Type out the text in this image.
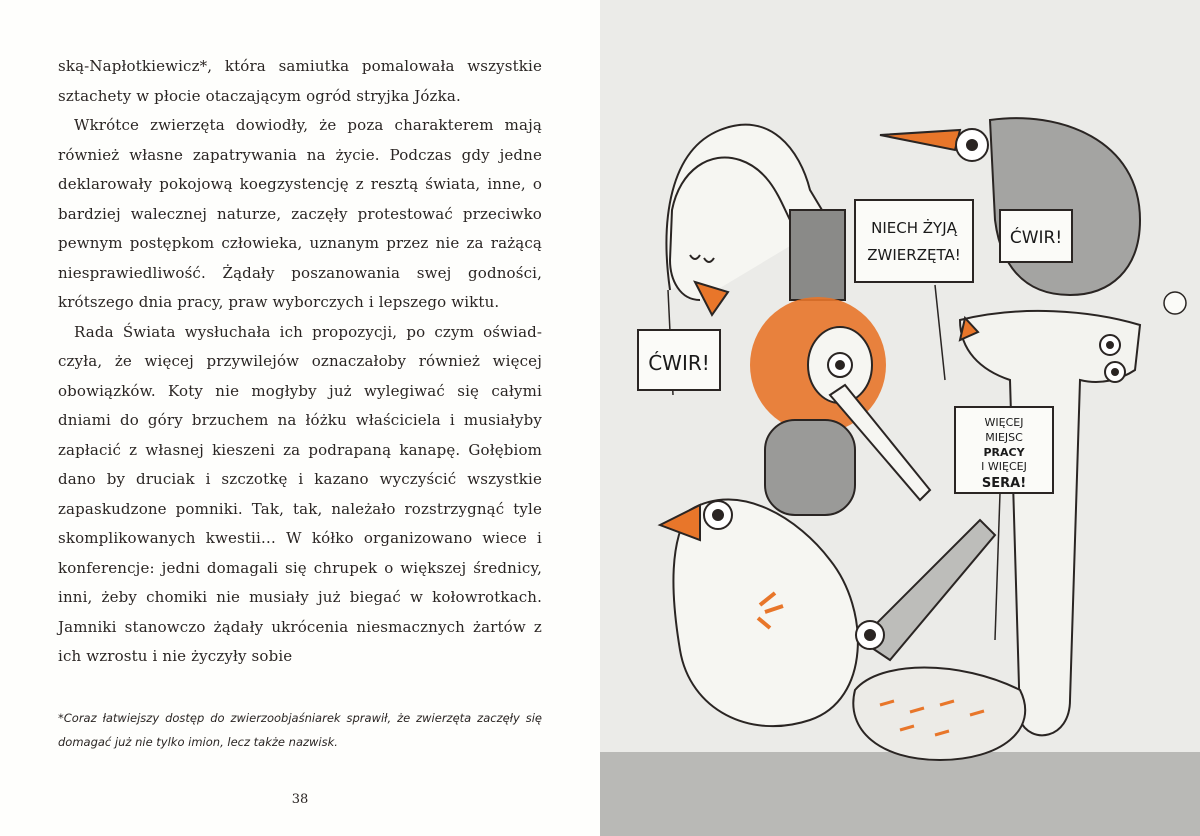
ską-Napłotkiewicz*, która samiutka pomalowała wszystkie sztachety w płocie otaczającym ogród stryjka Józka.

Wkrótce zwierzęta dowiodły, że poza charakterem mają również własne zapatrywania na życie. Podczas gdy jedne deklarowały pokojową koegzystencję z resztą świata, inne, o bardziej walecznej naturze, zaczęły protestować przeciwko pewnym postępkom człowieka, uznanym przez nie za rażącą niesprawiedliwość. Żądały poszanowania swej godności, krótszego dnia pracy, praw wyborczych i lepszego wiktu.

Rada Świata wysłuchała ich propozycji, po czym oświadczyła, że więcej przywilejów oznaczałoby również więcej obowiązków. Koty nie mogłyby już wylegiwać się całymi dniami do góry brzuchem na łóżku właściciela i musiałyby zapłacić z własnej kieszeni za podrapaną kanapę. Gołębiom dano by druciak i szczotkę i kazano wyczyścić wszystkie zapaskudzone pomniki. Tak, tak, należało rozstrzygnąć tyle skomplikowanych kwestii… W kółko organizowano wiece i konferencje: jedni domagali się chrupek o większej średnicy, inni, żeby chomiki nie musiały już biegać w kołowrotkach. Jamniki stanowczo żądały ukrócenia niesmacznych żartów z ich wzrostu i nie życzyły sobie

*Coraz łatwiejszy dostęp do zwierzoobjaśniarek sprawił, że zwierzęta zaczęły się domagać już nie tylko imion, lecz także nazwisk.
38
ĆWIR!
NIECH ŻYJĄ
ZWIERZĘTA!
ĆWIR!
WIĘCEJ
MIEJSC
PRACY
I WIĘCEJ
SERA!
